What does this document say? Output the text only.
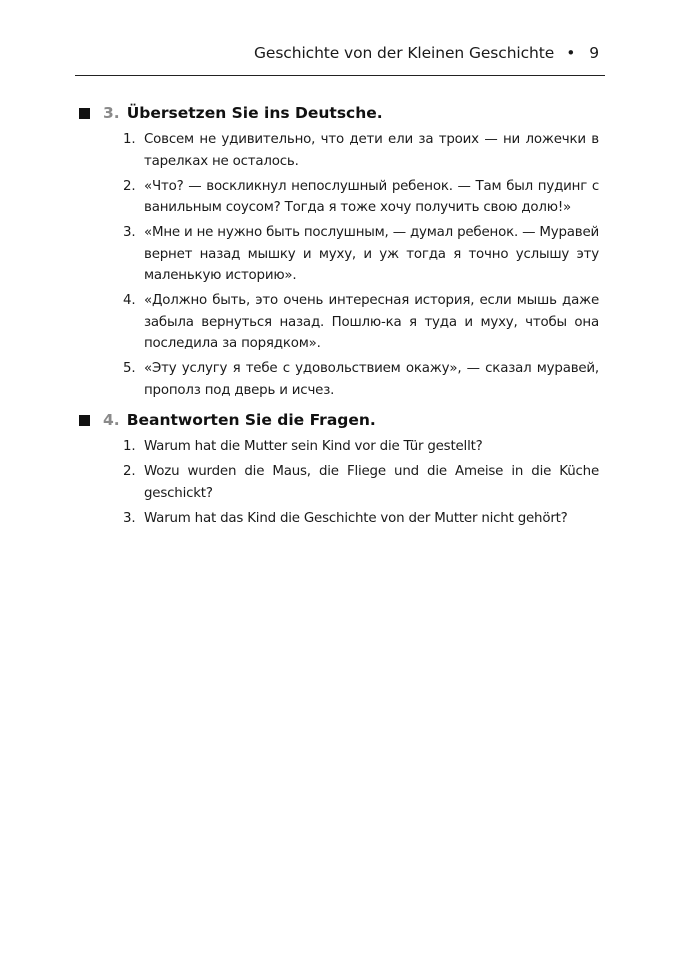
Geschichte von der Kleinen Geschichte • 9
3. Übersetzen Sie ins Deutsche.
1. Совсем не удивительно, что дети ели за троих — ни ложечки в тарелках не осталось.
2. «Что? — воскликнул непослушный ребенок. — Там был пудинг с ванильным соусом? Тогда я тоже хочу получить свою долю!»
3. «Мне и не нужно быть послушным, — думал ребенок. — Муравей вернет назад мышку и муху, и уж тогда я точно услышу эту маленькую историю».
4. «Должно быть, это очень интересная история, если мышь даже забыла вернуться назад. Пошлю-ка я туда и муху, чтобы она последила за порядком».
5. «Эту услугу я тебе с удовольствием окажу», — сказал муравей, прополз под дверь и исчез.
4. Beantworten Sie die Fragen.
1. Warum hat die Mutter sein Kind vor die Tür gestellt?
2. Wozu wurden die Maus, die Fliege und die Ameise in die Küche geschickt?
3. Warum hat das Kind die Geschichte von der Mutter nicht gehört?
